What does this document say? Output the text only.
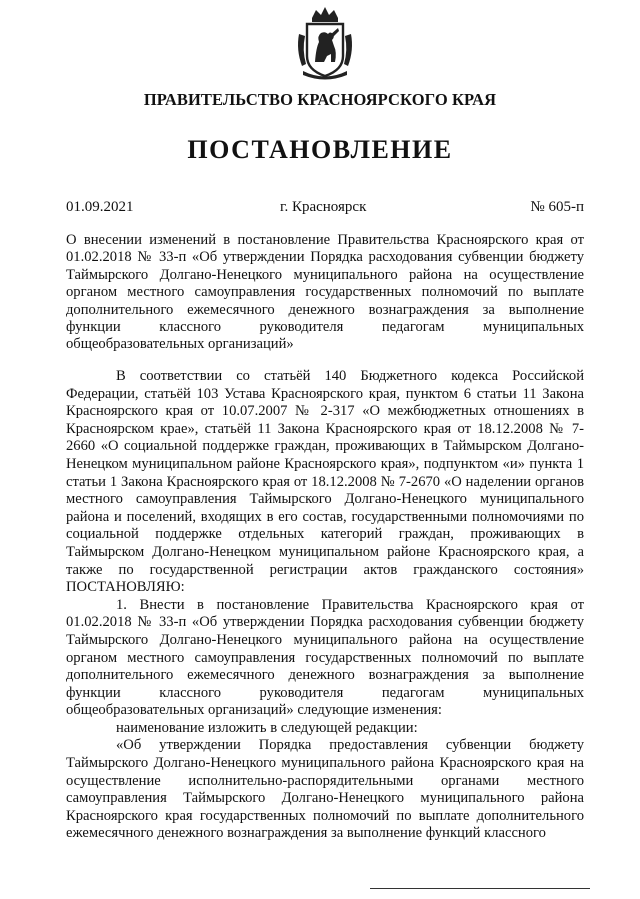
ПРАВИТЕЛЬСТВО КРАСНОЯРСКОГО КРАЯ
ПОСТАНОВЛЕНИЕ
01.09.2021	г. Красноярск	№ 605-п
О внесении изменений в постановление Правительства Красноярского края от 01.02.2018 № 33-п «Об утверждении Порядка расходования субвенции бюджету Таймырского Долгано-Ненецкого муниципального района на осуществление органом местного самоуправления государственных полномочий по выплате дополнительного ежемесячного денежного вознаграждения за выполнение функции классного руководителя педагогам муниципальных общеобразовательных организаций»

В соответствии со статьёй 140 Бюджетного кодекса Российской Федерации, статьёй 103 Устава Красноярского края, пунктом 6 статьи 11 Закона Красноярского края от 10.07.2007 № 2-317 «О межбюджетных отношениях в Красноярском крае», статьёй 11 Закона Красноярского края от 18.12.2008 № 7-2660 «О социальной поддержке граждан, проживающих в Таймырском Долгано-Ненецком муниципальном районе Красноярского края», подпунктом «и» пункта 1 статьи 1 Закона Красноярского края от 18.12.2008 № 7-2670 «О наделении органов местного самоуправления Таймырского Долгано-Ненецкого муниципального района и поселений, входящих в его состав, государственными полномочиями по социальной поддержке отдельных категорий граждан, проживающих в Таймырском Долгано-Ненецком муниципальном районе Красноярского края, а также по государственной регистрации актов гражданского состояния» ПОСТАНОВЛЯЮ:

1. Внести в постановление Правительства Красноярского края от 01.02.2018 № 33-п «Об утверждении Порядка расходования субвенции бюджету Таймырского Долгано-Ненецкого муниципального района на осуществление органом местного самоуправления государственных полномочий по выплате дополнительного ежемесячного денежного вознаграждения за выполнение функции классного руководителя педагогам муниципальных общеобразовательных организаций» следующие изменения:

наименование изложить в следующей редакции:

«Об утверждении Порядка предоставления субвенции бюджету Таймырского Долгано-Ненецкого муниципального района Красноярского края на осуществление исполнительно-распорядительными органами местного самоуправления Таймырского Долгано-Ненецкого муниципального района Красноярского края государственных полномочий по выплате дополнительного ежемесячного денежного вознаграждения за выполнение функций классного
